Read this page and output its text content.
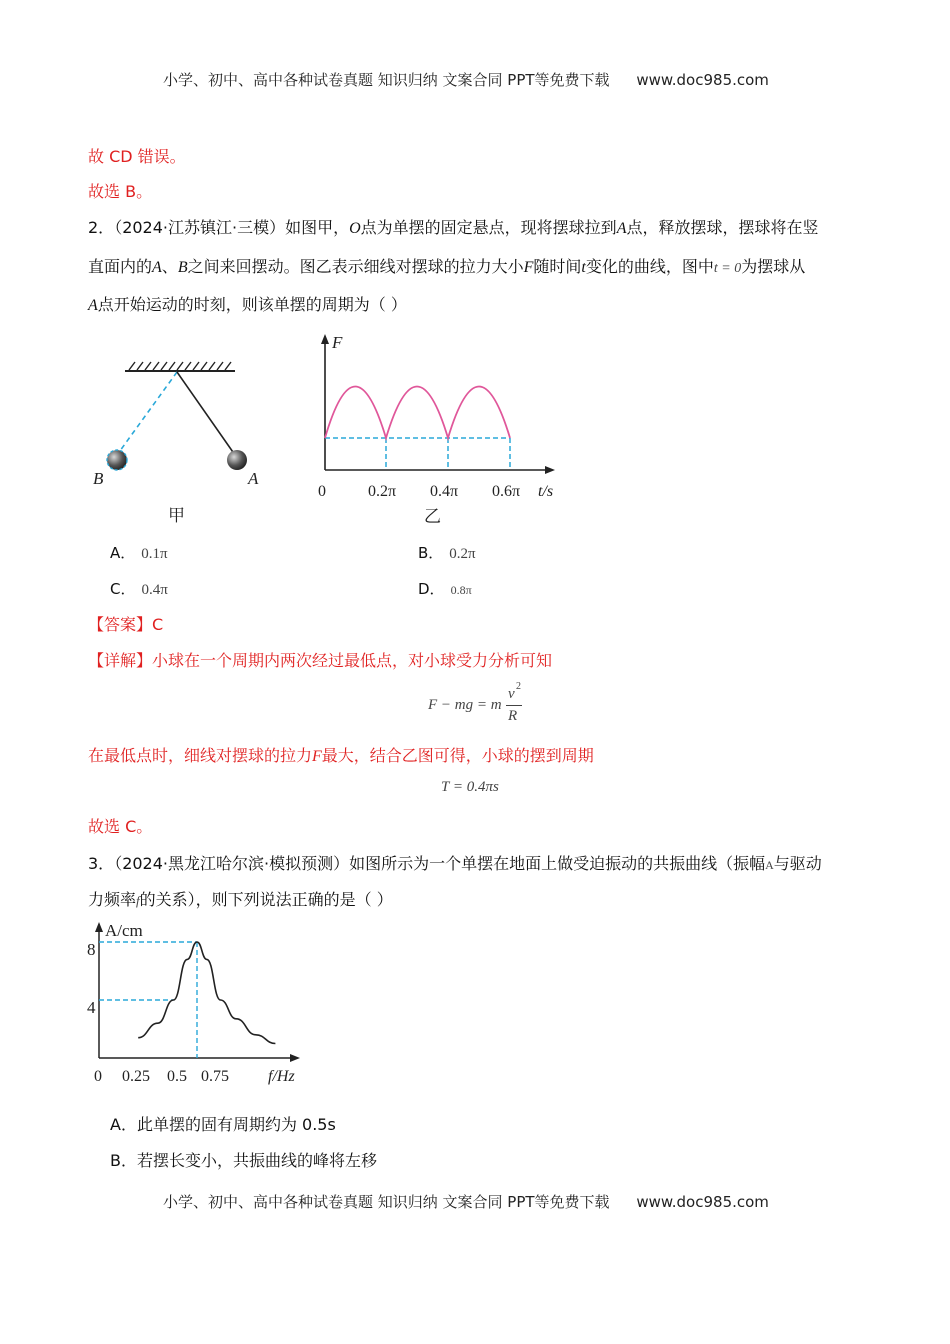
小学、初中、高中各种试卷真题 知识归纳 文案合同 PPT等免费下载 www.doc985.com
故 CD 错误。
故选 B。
2．（2024·江苏镇江·三模）如图甲，O点为单摆的固定悬点，现将摆球拉到A点，释放摆球，摆球将在竖
直面内的A、B之间来回摆动。图乙表示细线对摆球的拉力大小F随时间t变化的曲线，图中t = 0为摆球从
A点开始运动的时刻，则该单摆的周期为（ ）
B	A
甲
F
0	0.2π 0.4π 0.6π t/s
乙
A． 0.1π	B． 0.2π
C． 0.4π	D． 0.8π
【答案】C
【详解】小球在一个周期内两次经过最低点，对小球受力分析可知
F − mg = m
v 2
R
在最低点时，细线对摆球的拉力F最大，结合乙图可得，小球的摆到周期
T = 0.4πs
故选 C。
3．（2024·黑龙江哈尔滨·模拟预测）如图所示为一个单摆在地面上做受迫振动的共振曲线（振幅A与驱动
力频率f的关系），则下列说法正确的是（ ）
A/cm
8
4
0 0.25 0.5 0.75 f/Hz
A．此单摆的固有周期约为 0.5s
B．若摆长变小，共振曲线的峰将左移
小学、初中、高中各种试卷真题 知识归纳 文案合同 PPT等免费下载 www.doc985.com
